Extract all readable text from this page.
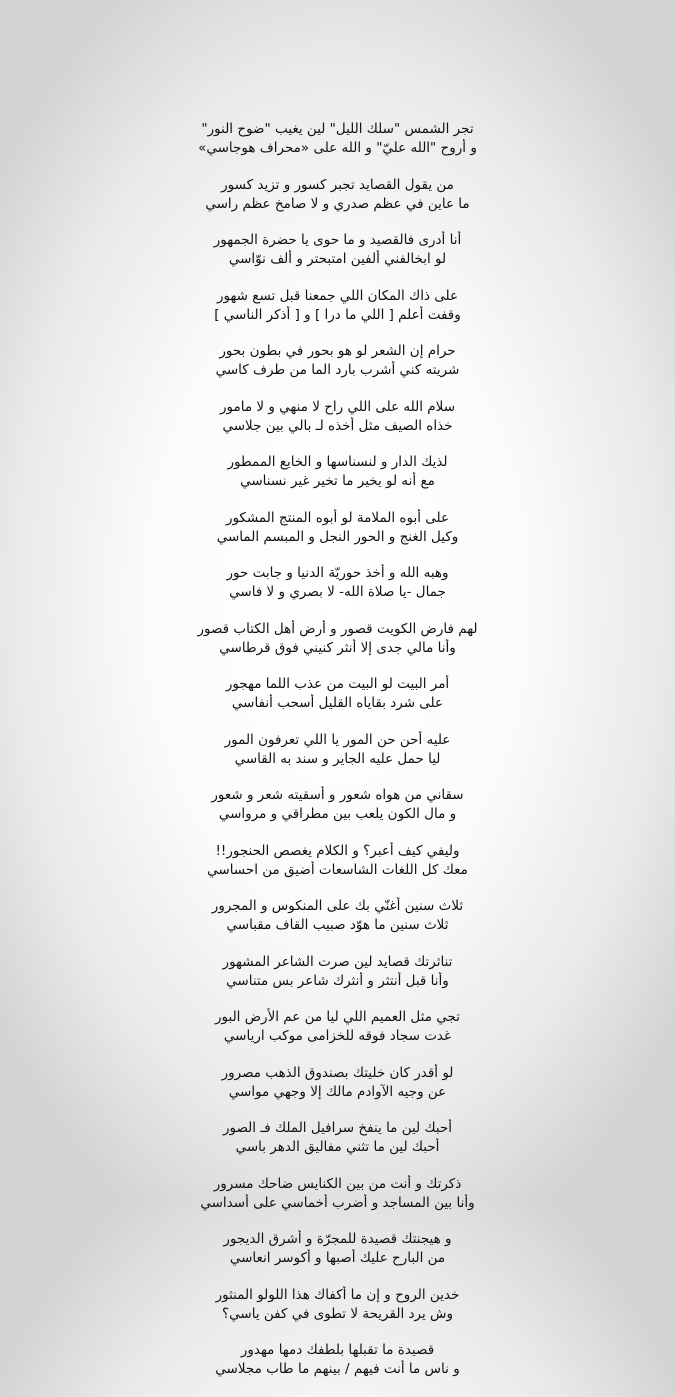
تجر الشمس "سلك الليل" لين يغيب "ضوح النور"
و أروح "الله عليّ" و الله على «محراف هوجاسي»
من يقول القصايد تجبر كسور و تزيد كسور
ما عاين في عظم صدري و لا صامخ عظم راسي
أنا أدرى فالقصيد و ما حوى يا حضرة الجمهور
لو ابخالفني ألفين امتبحتر و ألف نوّاسي
على ذاك المكان اللي جمعنا قبل تسع شهور
وقفت أعلم [ اللي ما درا ] و [ أذكر الناسي ]
حرام إن الشعر لو هو بحور في بطون بحور
شريته كني أشرب بارد الما من طرف كاسي
سلام الله على اللي راح لا منهي و لا مامور
خذاه الصيف مثل أخذه لـ بالي بين جلاسي
لذيك الدار و لنسناسها و الخايع الممطور
مع أنه لو يخير ما تخير غير نسناسي
على أبوه الملامة لو أبوه المنتج المشكور
وكيل الغنج و الحور النجل و المبسم الماسي
وهبه الله و أخذ حوريّة الدنيا و جابت حور
جمال -يا صلاة الله- لا بصري و لا فاسي
لهم فارض الكويت قصور و أرض أهل الكتاب قصور
وأنا مالي جدى إلا أنثر كنيني فوق قرطاسي
أمر البيت لو البيت من عذب اللما مهجور
على شرد بقاياه القليل أسحب أنفاسي
عليه أحن حن المور يا اللي تعرفون المور
ليا حمل عليه الجاير و سند به القاسي
سقاني من هواه شعور و أسقيته شعر و شعور
و مال الكون يلعب بين مطراقي و مرواسي
وليفي كيف أعبر؟ و الكلام يغصص الحنجور!!
معك كل اللغات الشاسعات أضيق من احساسي
ثلاث سنين أغنّي بك على المنكوس و المجرور
ثلاث سنين ما هوّد صبيب القاف مقباسي
تناثرتك قصايد لين صرت الشاعر المشهور
وأنا قبل أنتثر و أنثرك شاعر بس متناسي
تجي مثل العميم اللي ليا من عم الأرض البور
غدت سجاد فوقه للخزامى موكب ارياسي
لو أقدر كان خليتك بصندوق الذهب مصرور
عن وجيه الآوادم مالك إلا وجهي مواسي
أحبك لين ما ينفخ سرافيل الملك فـ الصور
أحبك لين ما تثني مفاليق الدهر باسي
ذكرتك و أنت من بين الكنايس ضاحك مسرور
وأنا بين المساجد و أضرب أخماسي على أسداسي
و هيجنتك قصيدة للمجرّة و أشرق الديجور
من البارح عليك أصبها و أكوسر انعاسي
خدين الروح و إن ما أكفاك هذا اللولو المنثور
وش يرد القريحة لا تطوى في كفن ياسي؟
قصيدة ما تقبلها بلطفك دمها مهدور
و ناس ما أنت فيهم / بينهم ما طاب مجلاسي
